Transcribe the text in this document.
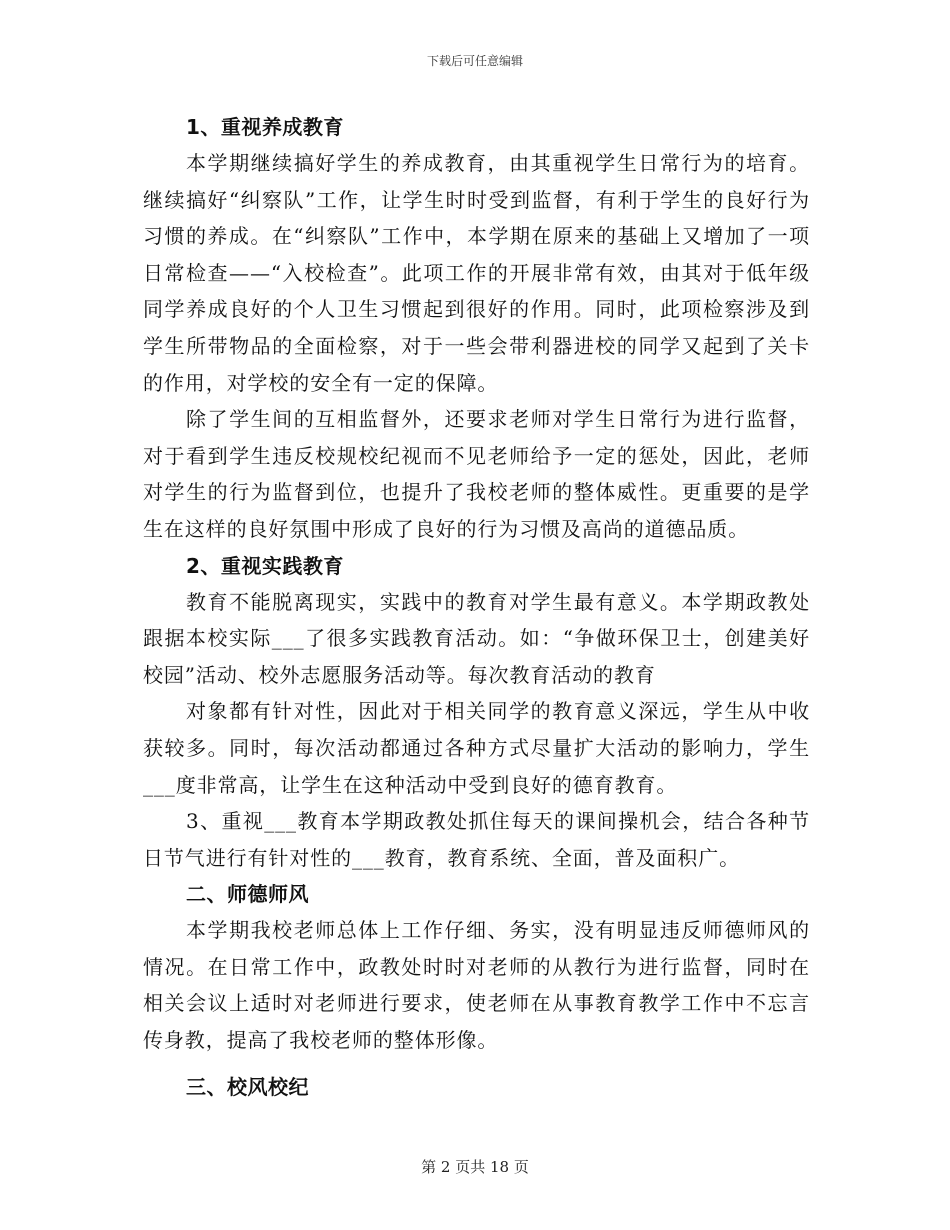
下载后可任意编辑
1、重视养成教育

本学期继续搞好学生的养成教育，由其重视学生日常行为的培育。继续搞好“纠察队”工作，让学生时时受到监督，有利于学生的良好行为习惯的养成。在“纠察队”工作中，本学期在原来的基础上又增加了一项日常检查——“入校检查”。此项工作的开展非常有效，由其对于低年级同学养成良好的个人卫生习惯起到很好的作用。同时，此项检察涉及到学生所带物品的全面检察，对于一些会带利器进校的同学又起到了关卡的作用，对学校的安全有一定的保障。

除了学生间的互相监督外，还要求老师对学生日常行为进行监督，对于看到学生违反校规校纪视而不见老师给予一定的惩处，因此，老师对学生的行为监督到位，也提升了我校老师的整体威性。更重要的是学生在这样的良好氛围中形成了良好的行为习惯及高尚的道德品质。

2、重视实践教育

教育不能脱离现实，实践中的教育对学生最有意义。本学期政教处跟据本校实际___了很多实践教育活动。如：“争做环保卫士，创建美好校园”活动、校外志愿服务活动等。每次教育活动的教育

对象都有针对性，因此对于相关同学的教育意义深远，学生从中收获较多。同时，每次活动都通过各种方式尽量扩大活动的影响力，学生___度非常高，让学生在这种活动中受到良好的德育教育。

3、重视___教育本学期政教处抓住每天的课间操机会，结合各种节日节气进行有针对性的___教育，教育系统、全面，普及面积广。

二、师德师风

本学期我校老师总体上工作仔细、务实，没有明显违反师德师风的情况。在日常工作中，政教处时时对老师的从教行为进行监督，同时在相关会议上适时对老师进行要求，使老师在从事教育教学工作中不忘言传身教，提高了我校老师的整体形像。

三、校风校纪
第 2 页共 18 页
